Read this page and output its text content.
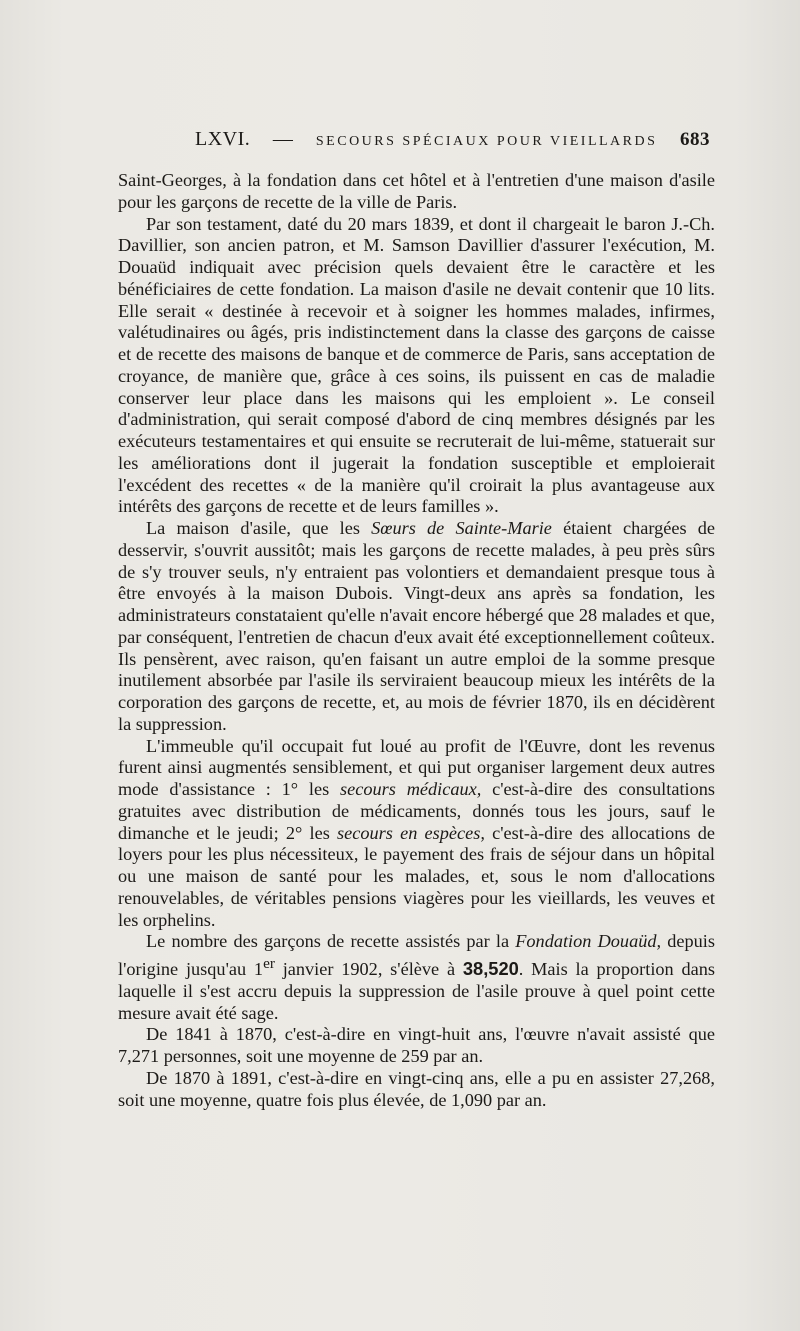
LXVI. — SECOURS SPÉCIAUX POUR VIEILLARDS 683

Saint-Georges, à la fondation dans cet hôtel et à l'entretien d'une maison d'asile pour les garçons de recette de la ville de Paris.

Par son testament, daté du 20 mars 1839, et dont il chargeait le baron J.-Ch. Davillier, son ancien patron, et M. Samson Davillier d'assurer l'exécution, M. Douaüd indiquait avec précision quels devaient être le caractère et les bénéficiaires de cette fondation. La maison d'asile ne devait contenir que 10 lits. Elle serait « destinée à recevoir et à soigner les hommes malades, infirmes, valétudinaires ou âgés, pris indistinctement dans la classe des garçons de caisse et de recette des maisons de banque et de commerce de Paris, sans acceptation de croyance, de manière que, grâce à ces soins, ils puissent en cas de maladie conserver leur place dans les maisons qui les emploient ». Le conseil d'administration, qui serait composé d'abord de cinq membres désignés par les exécuteurs testamentaires et qui ensuite se recruterait de lui-même, statuerait sur les améliorations dont il jugerait la fondation susceptible et emploierait l'excédent des recettes « de la manière qu'il croirait la plus avantageuse aux intérêts des garçons de recette et de leurs familles ».

La maison d'asile, que les Sœurs de Sainte-Marie étaient chargées de desservir, s'ouvrit aussitôt; mais les garçons de recette malades, à peu près sûrs de s'y trouver seuls, n'y entraient pas volontiers et demandaient presque tous à être envoyés à la maison Dubois. Vingt-deux ans après sa fondation, les administrateurs constataient qu'elle n'avait encore hébergé que 28 malades et que, par conséquent, l'entretien de chacun d'eux avait été exceptionnellement coûteux. Ils pensèrent, avec raison, qu'en faisant un autre emploi de la somme presque inutilement absorbée par l'asile ils serviraient beaucoup mieux les intérêts de la corporation des garçons de recette, et, au mois de février 1870, ils en décidèrent la suppression.

L'immeuble qu'il occupait fut loué au profit de l'Œuvre, dont les revenus furent ainsi augmentés sensiblement, et qui put organiser largement deux autres mode d'assistance : 1° les secours médicaux, c'est-à-dire des consultations gratuites avec distribution de médicaments, donnés tous les jours, sauf le dimanche et le jeudi; 2° les secours en espèces, c'est-à-dire des allocations de loyers pour les plus nécessiteux, le payement des frais de séjour dans un hôpital ou une maison de santé pour les malades, et, sous le nom d'allocations renouvelables, de véritables pensions viagères pour les vieillards, les veuves et les orphelins.

Le nombre des garçons de recette assistés par la Fondation Douaüd, depuis l'origine jusqu'au 1er janvier 1902, s'élève à 38,520. Mais la proportion dans laquelle il s'est accru depuis la suppression de l'asile prouve à quel point cette mesure avait été sage.

De 1841 à 1870, c'est-à-dire en vingt-huit ans, l'œuvre n'avait assisté que 7,271 personnes, soit une moyenne de 259 par an.

De 1870 à 1891, c'est-à-dire en vingt-cinq ans, elle a pu en assister 27,268, soit une moyenne, quatre fois plus élevée, de 1,090 par an.
